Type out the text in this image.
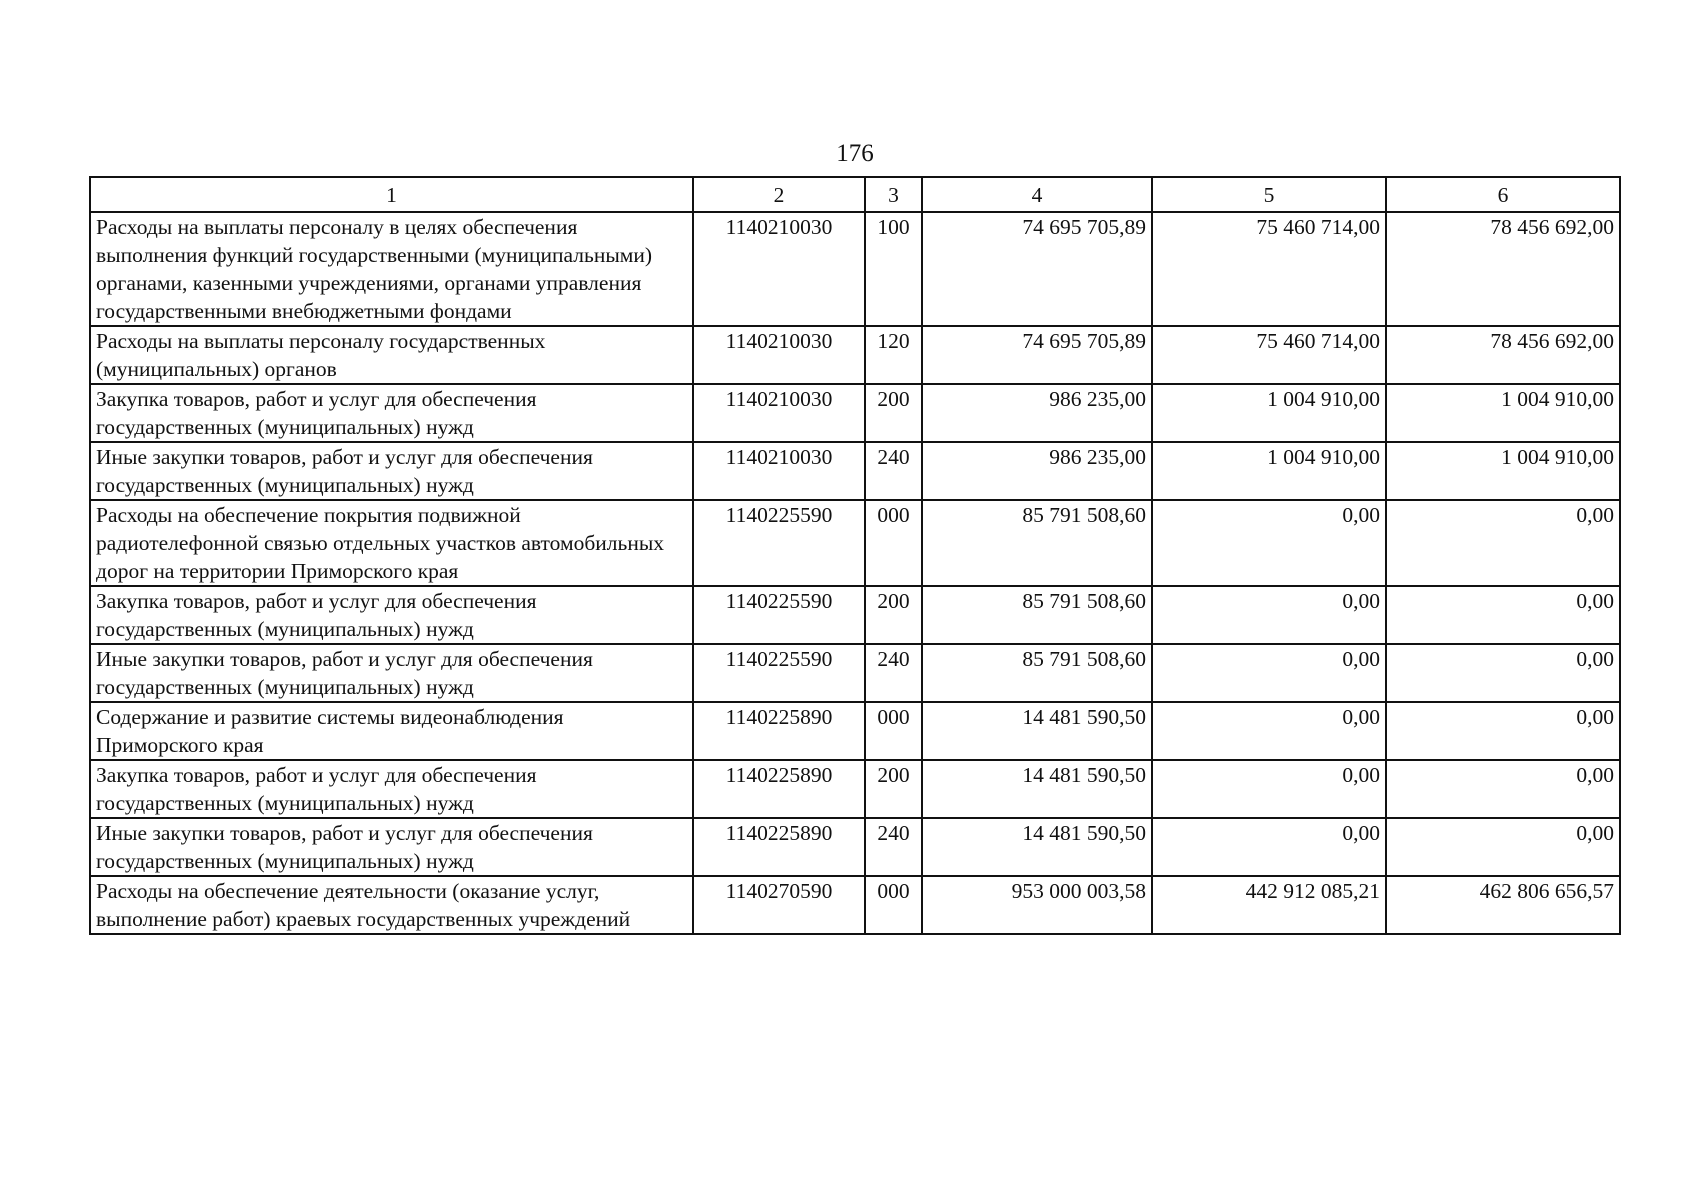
176
1	2	3	4	5	6
Расходы на выплаты персоналу в целях обеспечения выполнения функций государственными (муниципальными) органами, казенными учреждениями, органами управления государственными внебюджетными фондами	1140210030	100	74 695 705,89	75 460 714,00	78 456 692,00
Расходы на выплаты персоналу государственных (муниципальных) органов	1140210030	120	74 695 705,89	75 460 714,00	78 456 692,00
Закупка товаров, работ и услуг для обеспечения государственных (муниципальных) нужд	1140210030	200	986 235,00	1 004 910,00	1 004 910,00
Иные закупки товаров, работ и услуг для обеспечения государственных (муниципальных) нужд	1140210030	240	986 235,00	1 004 910,00	1 004 910,00
Расходы на обеспечение покрытия подвижной радиотелефонной связью отдельных участков автомобильных дорог на территории Приморского края	1140225590	000	85 791 508,60	0,00	0,00
Закупка товаров, работ и услуг для обеспечения государственных (муниципальных) нужд	1140225590	200	85 791 508,60	0,00	0,00
Иные закупки товаров, работ и услуг для обеспечения государственных (муниципальных) нужд	1140225590	240	85 791 508,60	0,00	0,00
Содержание и развитие системы видеонаблюдения Приморского края	1140225890	000	14 481 590,50	0,00	0,00
Закупка товаров, работ и услуг для обеспечения государственных (муниципальных) нужд	1140225890	200	14 481 590,50	0,00	0,00
Иные закупки товаров, работ и услуг для обеспечения государственных (муниципальных) нужд	1140225890	240	14 481 590,50	0,00	0,00
Расходы на обеспечение деятельности (оказание услуг, выполнение работ) краевых государственных учреждений	1140270590	000	953 000 003,58	442 912 085,21	462 806 656,57
